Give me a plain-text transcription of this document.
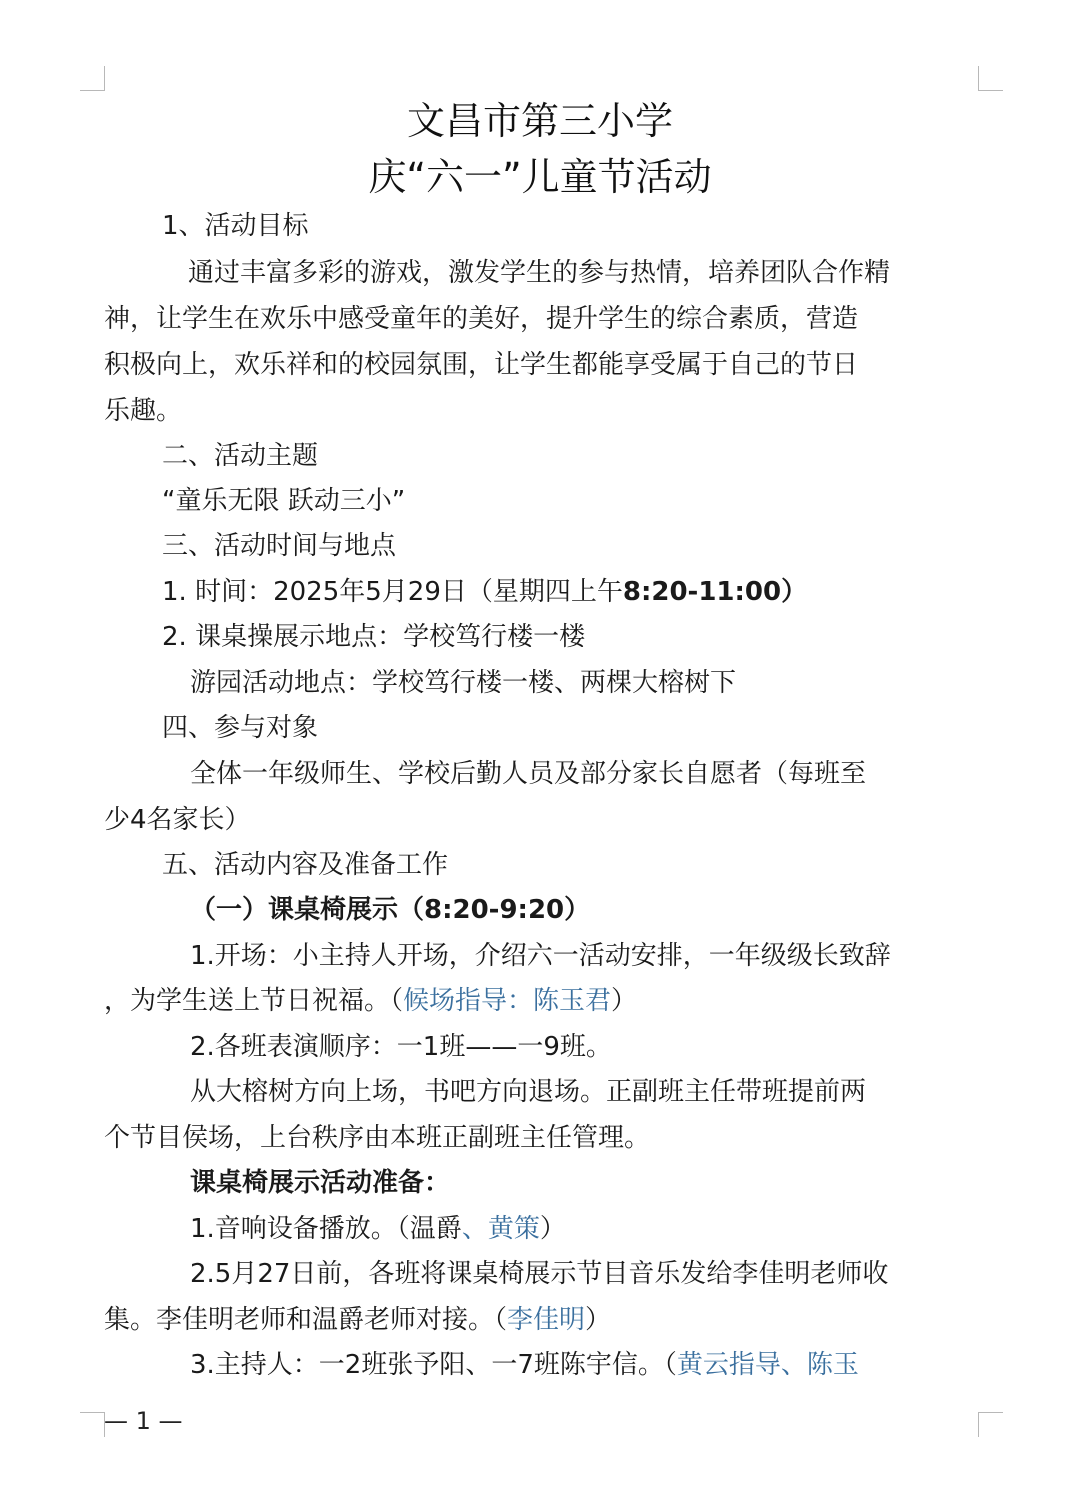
文昌市第三小学
庆“六一”儿童节活动
1、活动目标
通过丰富多彩的游戏，激发学生的参与热情，培养团队合作精
神，让学生在欢乐中感受童年的美好，提升学生的综合素质，营造
积极向上，欢乐祥和的校园氛围，让学生都能享受属于自己的节日
乐趣。
二、活动主题
“童乐无限 跃动三小”
三、活动时间与地点
1. 时间：2025年5月29日（星期四上午8:20-11:00）
2. 课桌操展示地点：学校笃行楼一楼
游园活动地点：学校笃行楼一楼、两棵大榕树下
四、参与对象
全体一年级师生、学校后勤人员及部分家长自愿者（每班至
少4名家长）
五、活动内容及准备工作
（一）课桌椅展示（8:20-9:20）
1.开场：小主持人开场，介绍六一活动安排，一年级级长致辞
，为学生送上节日祝福。（候场指导：陈玉君）
2.各班表演顺序：一1班——一9班。
从大榕树方向上场，书吧方向退场。正副班主任带班提前两
个节目侯场，上台秩序由本班正副班主任管理。
课桌椅展示活动准备：
1.音响设备播放。（温爵、黄策）
2.5月27日前，各班将课桌椅展示节目音乐发给李佳明老师收
集。李佳明老师和温爵老师对接。（李佳明）
3.主持人：一2班张予阳、一7班陈宇信。（黄云指导、陈玉
— 1 —
